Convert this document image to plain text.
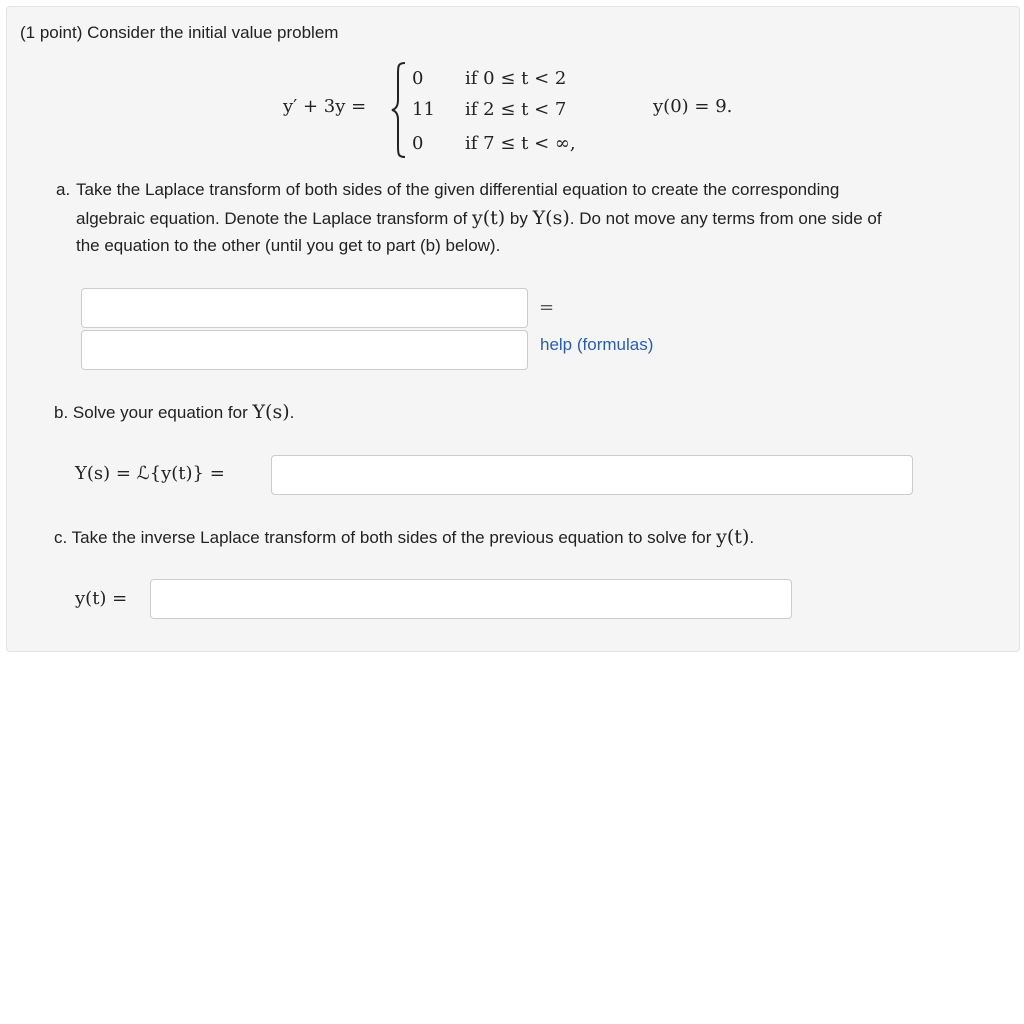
(1 point) Consider the initial value problem
y′ + 3y =
0
11
0
if 0 ≤ t < 2
if 2 ≤ t < 7
if 7 ≤ t < ∞,
y(0) = 9.
a. Take the Laplace transform of both sides of the given differential equation to create the corresponding
algebraic equation. Denote the Laplace transform of y(t) by Y(s). Do not move any terms from one side of
the equation to the other (until you get to part (b) below).
=
help (formulas)
b. Solve your equation for Y(s).
Y(s) = ℒ{y(t)} =
c. Take the inverse Laplace transform of both sides of the previous equation to solve for y(t).
y(t) =
